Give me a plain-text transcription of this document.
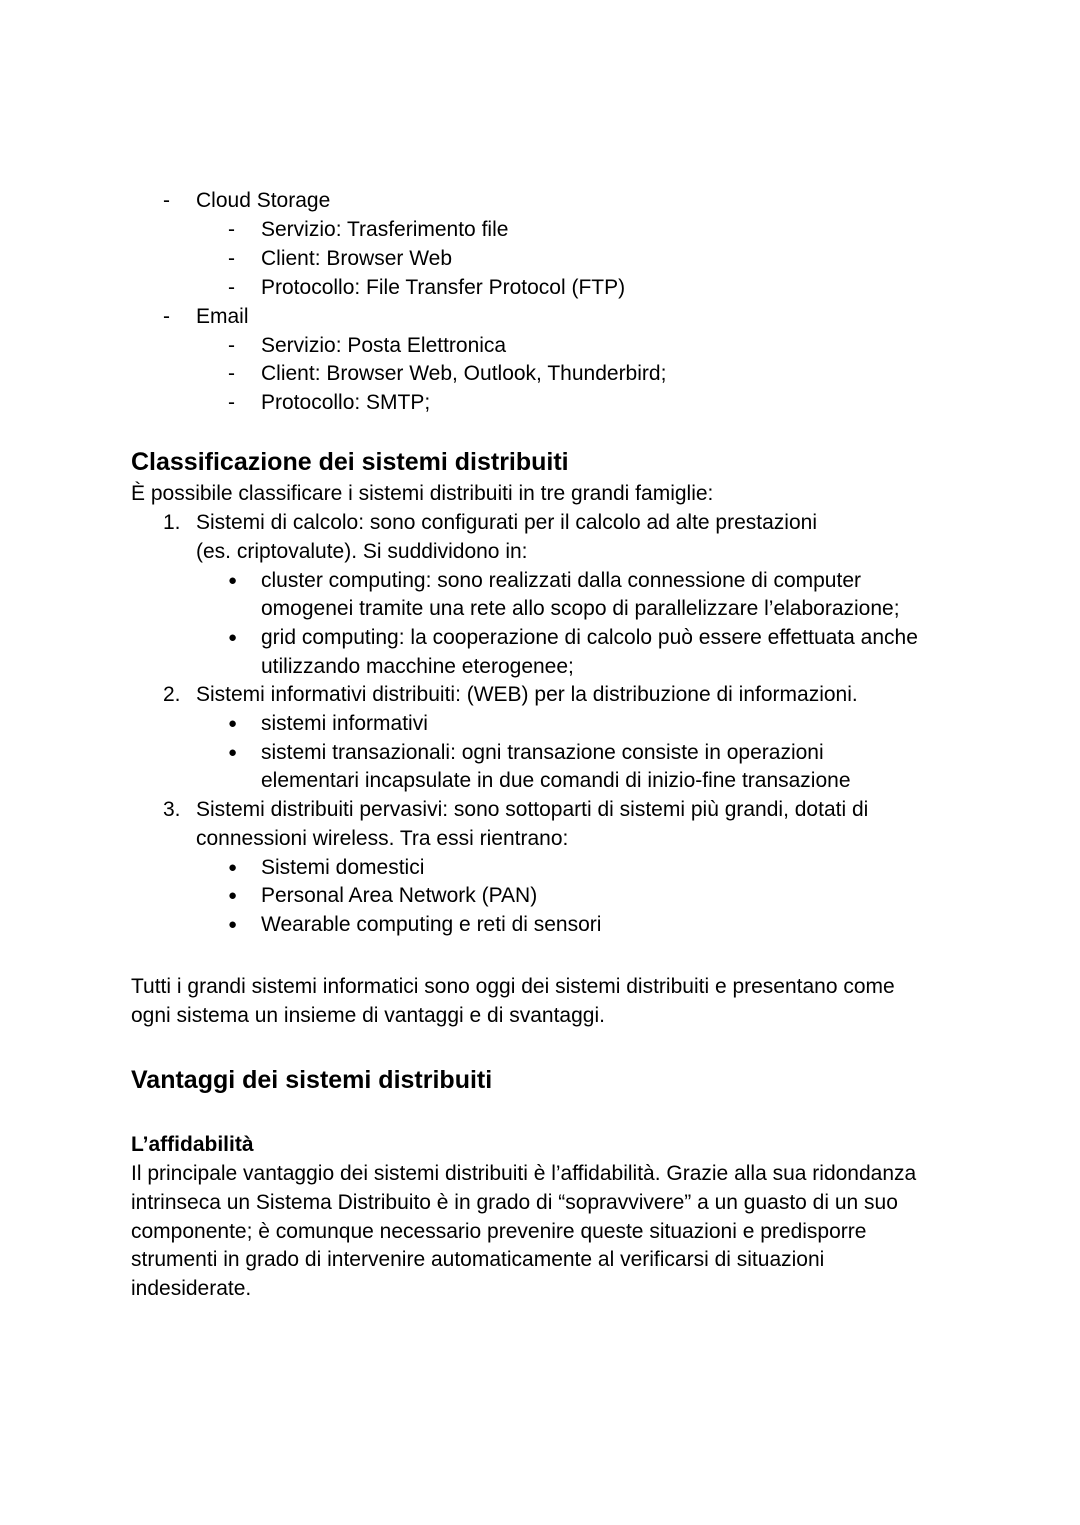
- Cloud Storage

- Servizio: Trasferimento file

- Client: Browser Web

- Protocollo: File Transfer Protocol (FTP)

- Email

- Servizio: Posta Elettronica

- Client: Browser Web, Outlook, Thunderbird;

- Protocollo: SMTP;

Classificazione dei sistemi distribuiti

È possibile classificare i sistemi distribuiti in tre grandi famiglie:

1. Sistemi di calcolo: sono configurati per il calcolo ad alte prestazioni

(es. criptovalute). Si suddividono in:

● cluster computing: sono realizzati dalla connessione di computer

omogenei tramite una rete allo scopo di parallelizzare l’elaborazione;

● grid computing: la cooperazione di calcolo può essere effettuata anche

utilizzando macchine eterogenee;

2. Sistemi informativi distribuiti: (WEB) per la distribuzione di informazioni.

● sistemi informativi

● sistemi transazionali: ogni transazione consiste in operazioni

elementari incapsulate in due comandi di inizio-fine transazione

3. Sistemi distribuiti pervasivi: sono sottoparti di sistemi più grandi, dotati di

connessioni wireless. Tra essi rientrano:

● Sistemi domestici

● Personal Area Network (PAN)

● Wearable computing e reti di sensori

Tutti i grandi sistemi informatici sono oggi dei sistemi distribuiti e presentano come

ogni sistema un insieme di vantaggi e di svantaggi.

Vantaggi dei sistemi distribuiti
L’affidabilità

Il principale vantaggio dei sistemi distribuiti è l’affidabilità. Grazie alla sua ridondanza

intrinseca un Sistema Distribuito è in grado di “sopravvivere” a un guasto di un suo

componente; è comunque necessario prevenire queste situazioni e predisporre

strumenti in grado di intervenire automaticamente al verificarsi di situazioni

indesiderate.
